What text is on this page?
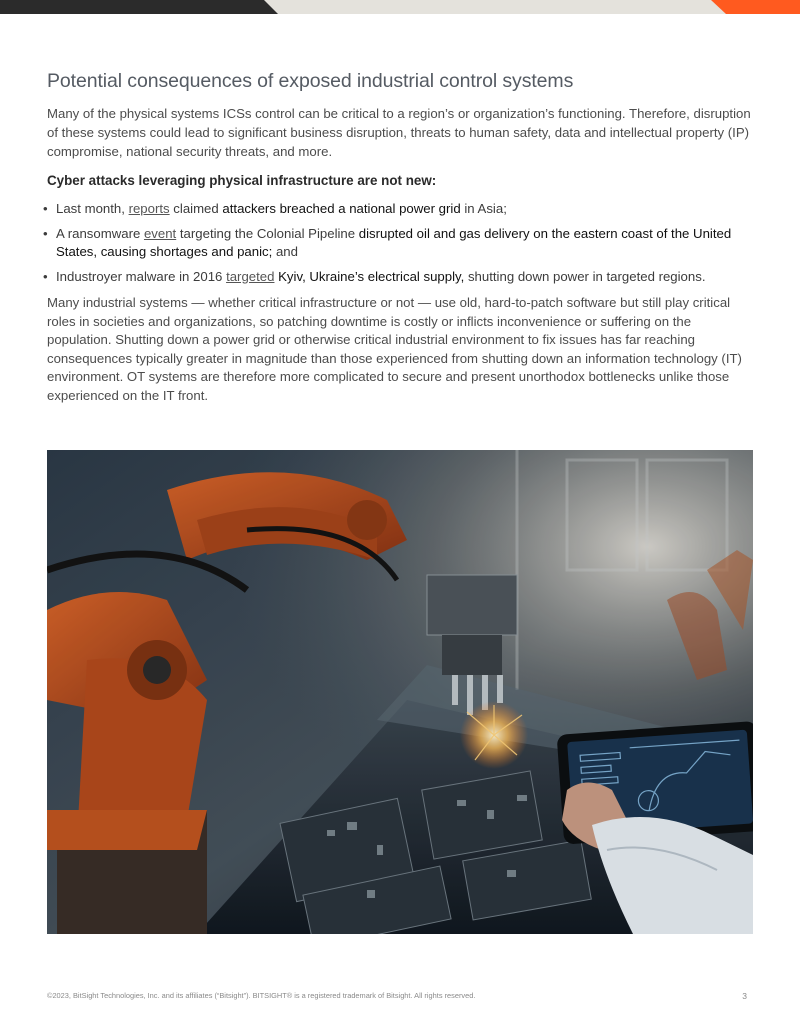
Potential consequences of exposed industrial control systems

Many of the physical systems ICSs control can be critical to a region’s or organization’s functioning. Therefore, disruption of these systems could lead to significant business disruption, threats to human safety, data and intellectual property (IP) compromise, national security threats, and more.

Cyber attacks leveraging physical infrastructure are not new:

• Last month, reports claimed attackers breached a national power grid in Asia;
• A ransomware event targeting the Colonial Pipeline disrupted oil and gas delivery on the eastern coast of the United States, causing shortages and panic; and
• Industroyer malware in 2016 targeted Kyiv, Ukraine’s electrical supply, shutting down power in targeted regions.

Many industrial systems — whether critical infrastructure or not — use old, hard-to-patch software but still play critical roles in societies and organizations, so patching downtime is costly or inflicts inconvenience or suffering on the population. Shutting down a power grid or otherwise critical industrial environment to fix issues has far reaching consequences typically greater in magnitude than those experienced from shutting down an information technology (IT) environment. OT systems are therefore more complicated to secure and present unorthodox bottlenecks unlike those experienced on the IT front.

©2023, BitSight Technologies, Inc. and its affiliates (“Bitsight”). BITSIGHT® is a registered trademark of Bitsight. All rights reserved.	3
